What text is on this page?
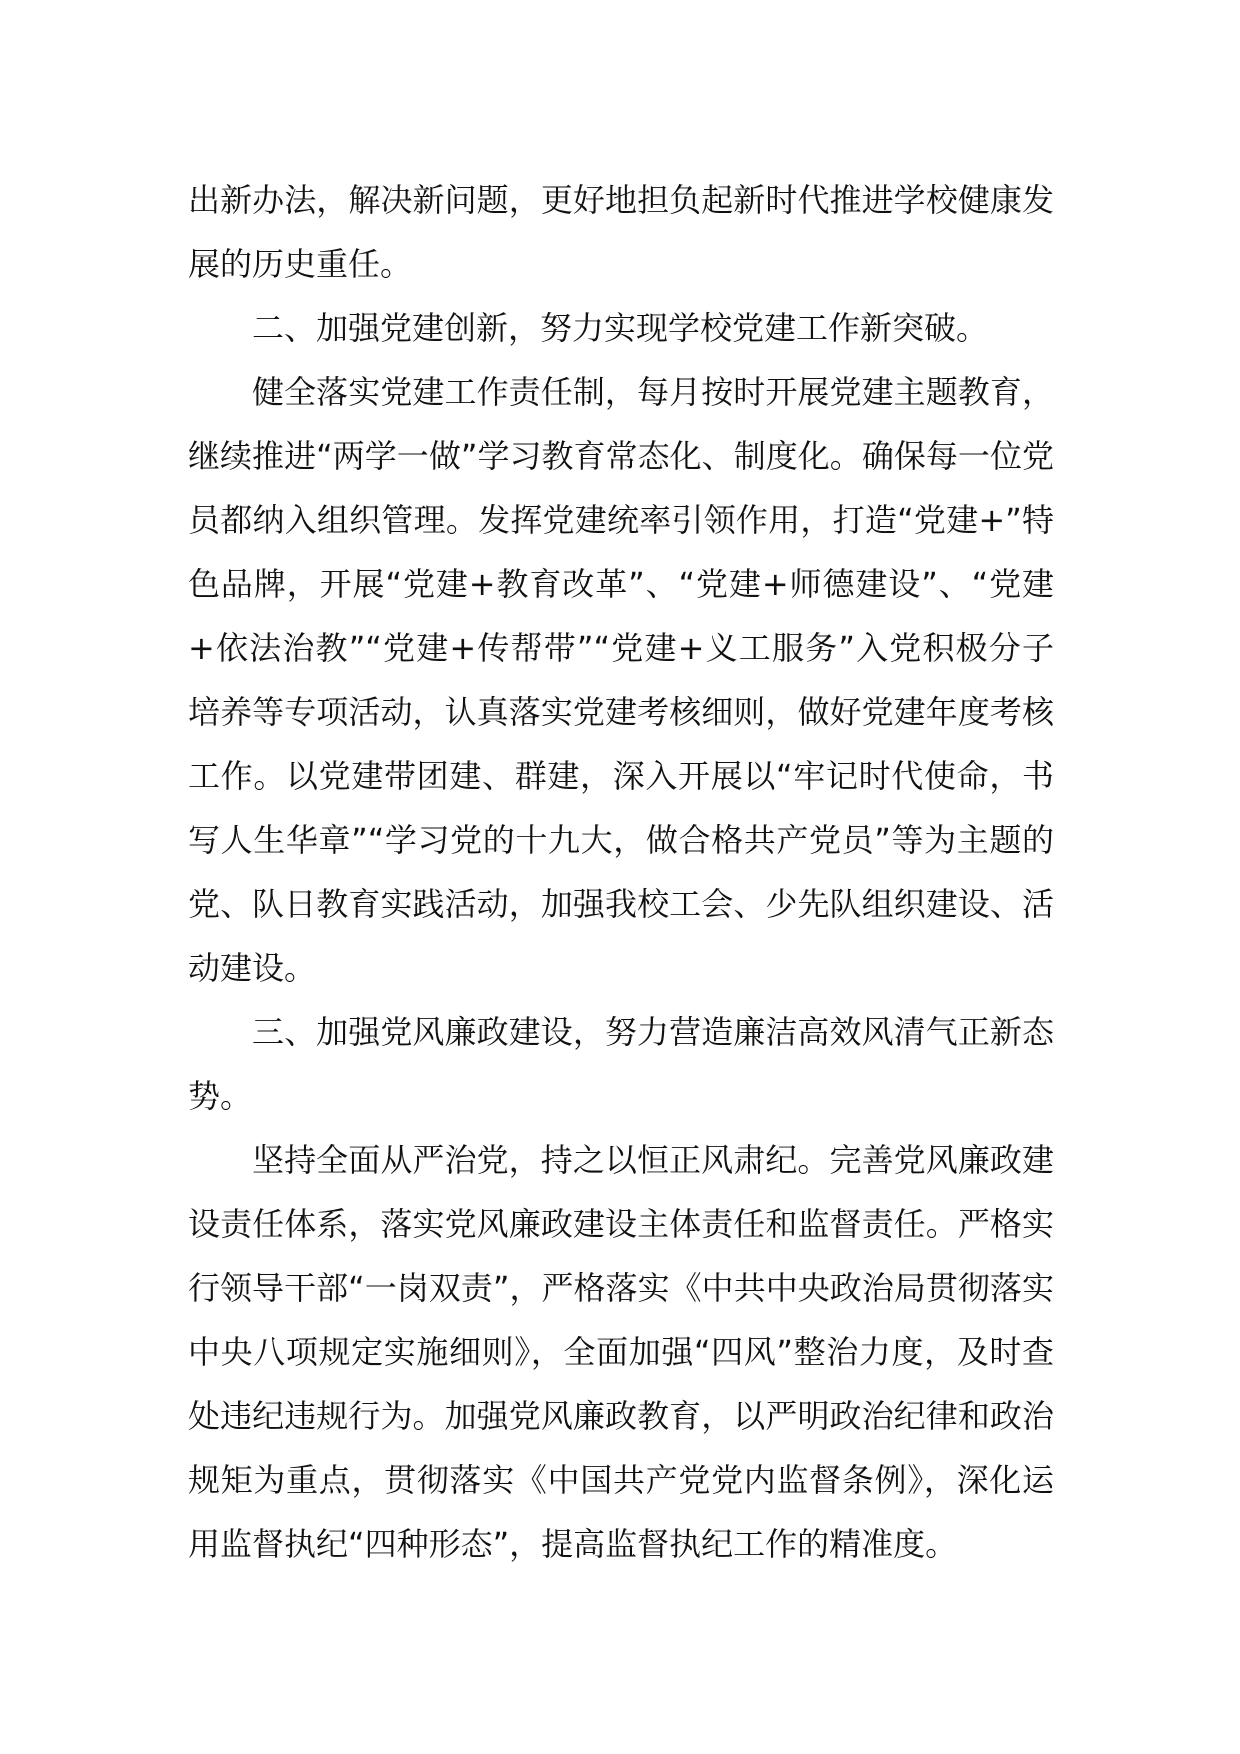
出新办法，解决新问题，更好地担负起新时代推进学校健康发展的历史重任。

二、加强党建创新，努力实现学校党建工作新突破。

健全落实党建工作责任制，每月按时开展党建主题教育，继续推进“两学一做”学习教育常态化、制度化。确保每一位党员都纳入组织管理。发挥党建统率引领作用，打造“党建+”特色品牌，开展“党建+教育改革”、“党建+师德建设”、“党建+依法治教”“党建+传帮带”“党建+义工服务”入党积极分子培养等专项活动，认真落实党建考核细则，做好党建年度考核工作。以党建带团建、群建，深入开展以“牢记时代使命，书写人生华章”“学习党的十九大，做合格共产党员”等为主题的党、队日教育实践活动，加强我校工会、少先队组织建设、活动建设。

三、加强党风廉政建设，努力营造廉洁高效风清气正新态势。

坚持全面从严治党，持之以恒正风肃纪。完善党风廉政建设责任体系，落实党风廉政建设主体责任和监督责任。严格实行领导干部“一岗双责”，严格落实《中共中央政治局贯彻落实中央八项规定实施细则》，全面加强“四风”整治力度，及时查处违纪违规行为。加强党风廉政教育，以严明政治纪律和政治规矩为重点，贯彻落实《中国共产党党内监督条例》，深化运用监督执纪“四种形态”，提高监督执纪工作的精准度。
